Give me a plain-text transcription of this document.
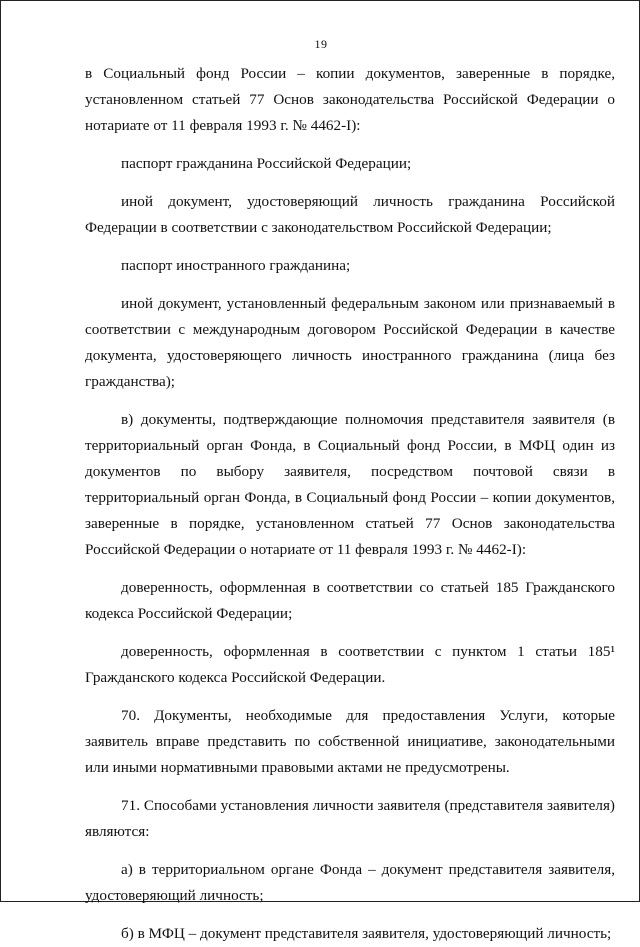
19

в Социальный фонд России – копии документов, заверенные в порядке, установленном статьей 77 Основ законодательства Российской Федерации о нотариате от 11 февраля 1993 г. № 4462-I):

паспорт гражданина Российской Федерации;

иной документ, удостоверяющий личность гражданина Российской Федерации в соответствии с законодательством Российской Федерации;

паспорт иностранного гражданина;

иной документ, установленный федеральным законом или признаваемый в соответствии с международным договором Российской Федерации в качестве документа, удостоверяющего личность иностранного гражданина (лица без гражданства);

в) документы, подтверждающие полномочия представителя заявителя (в территориальный орган Фонда, в Социальный фонд России, в МФЦ один из документов по выбору заявителя, посредством почтовой связи в территориальный орган Фонда, в Социальный фонд России – копии документов, заверенные в порядке, установленном статьей 77 Основ законодательства Российской Федерации о нотариате от 11 февраля 1993 г. № 4462-I):

доверенность, оформленная в соответствии со статьей 185 Гражданского кодекса Российской Федерации;

доверенность, оформленная в соответствии с пунктом 1 статьи 185¹ Гражданского кодекса Российской Федерации.

70. Документы, необходимые для предоставления Услуги, которые заявитель вправе представить по собственной инициативе, законодательными или иными нормативными правовыми актами не предусмотрены.

71. Способами установления личности заявителя (представителя заявителя) являются:

а) в территориальном органе Фонда – документ представителя заявителя, удостоверяющий личность;

б) в МФЦ – документ представителя заявителя, удостоверяющий личность;
